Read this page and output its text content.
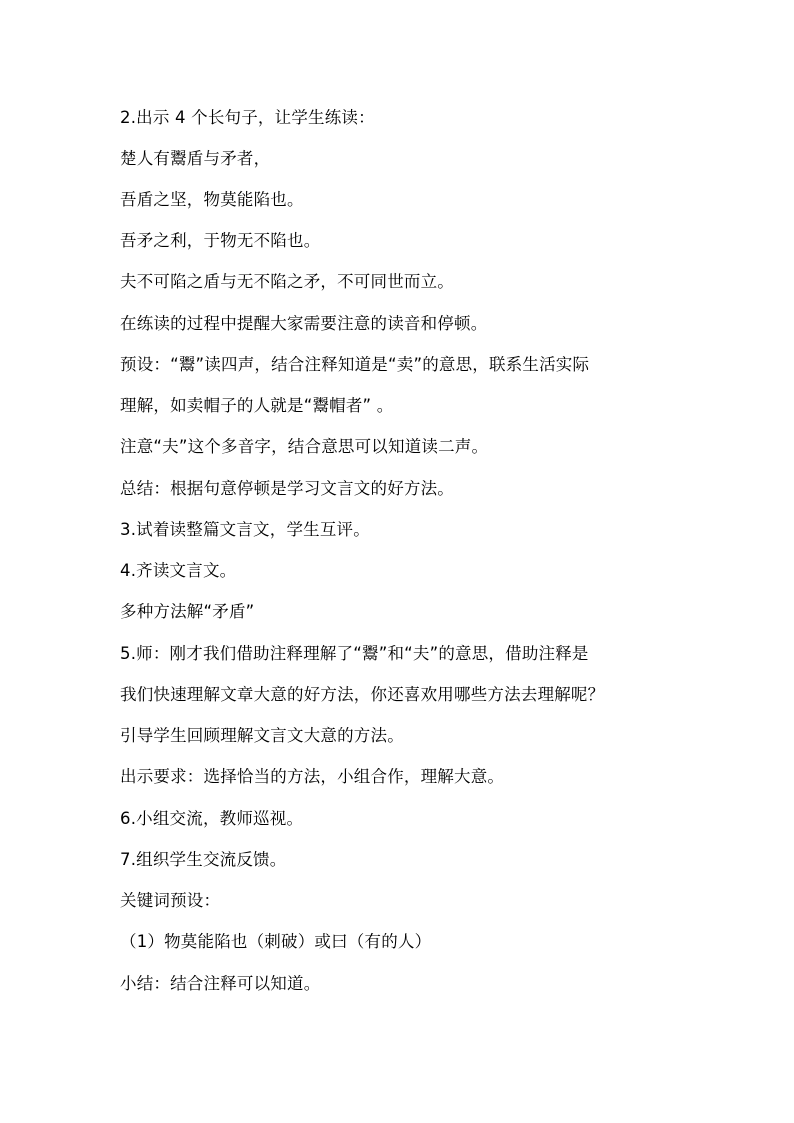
2.出示 4 个长句子，让学生练读：
楚人有鬻盾与矛者，
吾盾之坚，物莫能陷也。
吾矛之利，于物无不陷也。
夫不可陷之盾与无不陷之矛，不可同世而立。
在练读的过程中提醒大家需要注意的读音和停顿。
预设：“鬻”读四声，结合注释知道是“卖”的意思，联系生活实际
理解，如卖帽子的人就是“鬻帽者” 。
注意“夫”这个多音字，结合意思可以知道读二声。
总结：根据句意停顿是学习文言文的好方法。
3.试着读整篇文言文，学生互评。
4.齐读文言文。
多种方法解“矛盾”
5.师：刚才我们借助注释理解了“鬻”和“夫”的意思，借助注释是
我们快速理解文章大意的好方法，你还喜欢用哪些方法去理解呢？
引导学生回顾理解文言文大意的方法。
出示要求：选择恰当的方法，小组合作，理解大意。
6.小组交流，教师巡视。
7.组织学生交流反馈。
关键词预设：
（1）物莫能陷也（刺破）或曰（有的人）
小结：结合注释可以知道。
